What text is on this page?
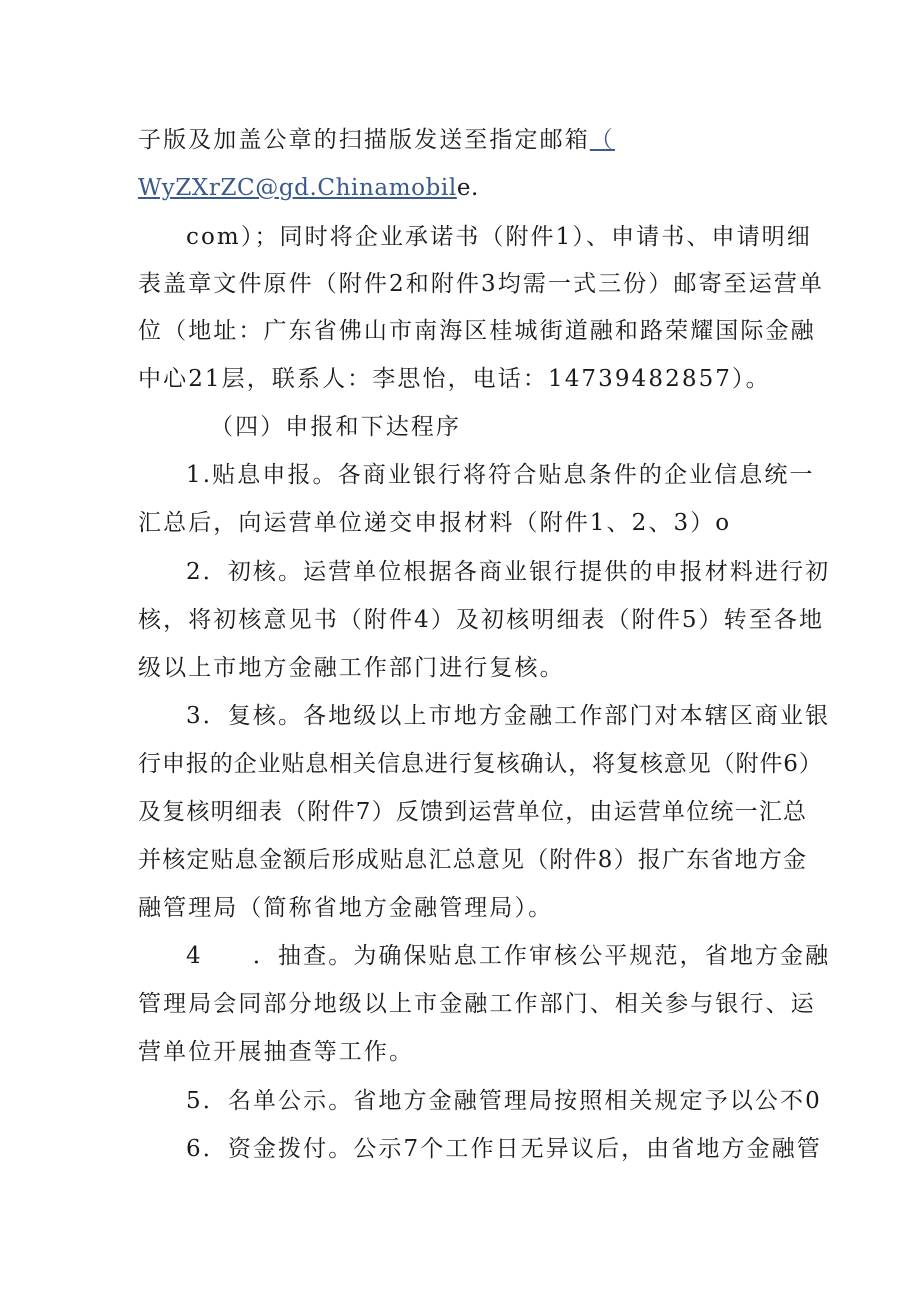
子版及加盖公章的扫描版发送至指定邮箱（
WyZXrZC@gd.Chinamobile.
com）；同时将企业承诺书（附件1）、申请书、申请明细
表盖章文件原件（附件2和附件3均需一式三份）邮寄至运营单
位（地址：广东省佛山市南海区桂城街道融和路荣耀国际金融
中心21层，联系人：李思怡，电话：14739482857）。
（四）申报和下达程序
1.贴息申报。各商业银行将符合贴息条件的企业信息统一
汇总后，向运营单位递交申报材料（附件1、2、3）o
2．初核。运营单位根据各商业银行提供的申报材料进行初
核，将初核意见书（附件4）及初核明细表（附件5）转至各地
级以上市地方金融工作部门进行复核。
3．复核。各地级以上市地方金融工作部门对本辖区商业银
行申报的企业贴息相关信息进行复核确认，将复核意见（附件6）
及复核明细表（附件7）反馈到运营单位，由运营单位统一汇总
并核定贴息金额后形成贴息汇总意见（附件8）报广东省地方金
融管理局（简称省地方金融管理局）。
4　　．抽查。为确保贴息工作审核公平规范，省地方金融
管理局会同部分地级以上市金融工作部门、相关参与银行、运
营单位开展抽查等工作。
5．名单公示。省地方金融管理局按照相关规定予以公不0
6．资金拨付。公示7个工作日无异议后，由省地方金融管
